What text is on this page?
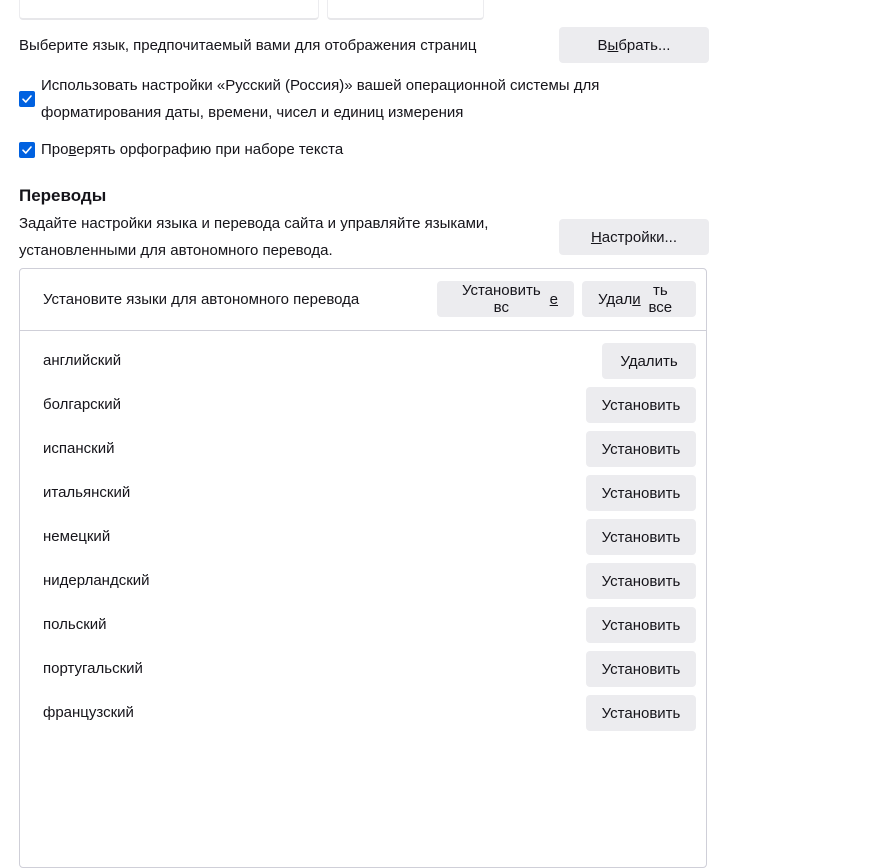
Выберите язык, предпочитаемый вами для отображения страниц	В ы брать...
Использовать настройки «Русский (Россия)» вашей операционной системы для
форматирования даты, времени, чисел и единиц измерения
Проверять орфографию при наборе текста
Переводы
Задайте настройки языка и перевода сайта и управляйте языками,
установленными для автономного перевода.
Н астройки...
Установите языки для автономного перевода
Установить вс	е	Удал и ть все
английский	Удалить
болгарский	Установить
испанский	Установить
итальянский	Установить
немецкий	Установить
нидерландский	Установить
польский	Установить
португальский	Установить
французский	Установить
